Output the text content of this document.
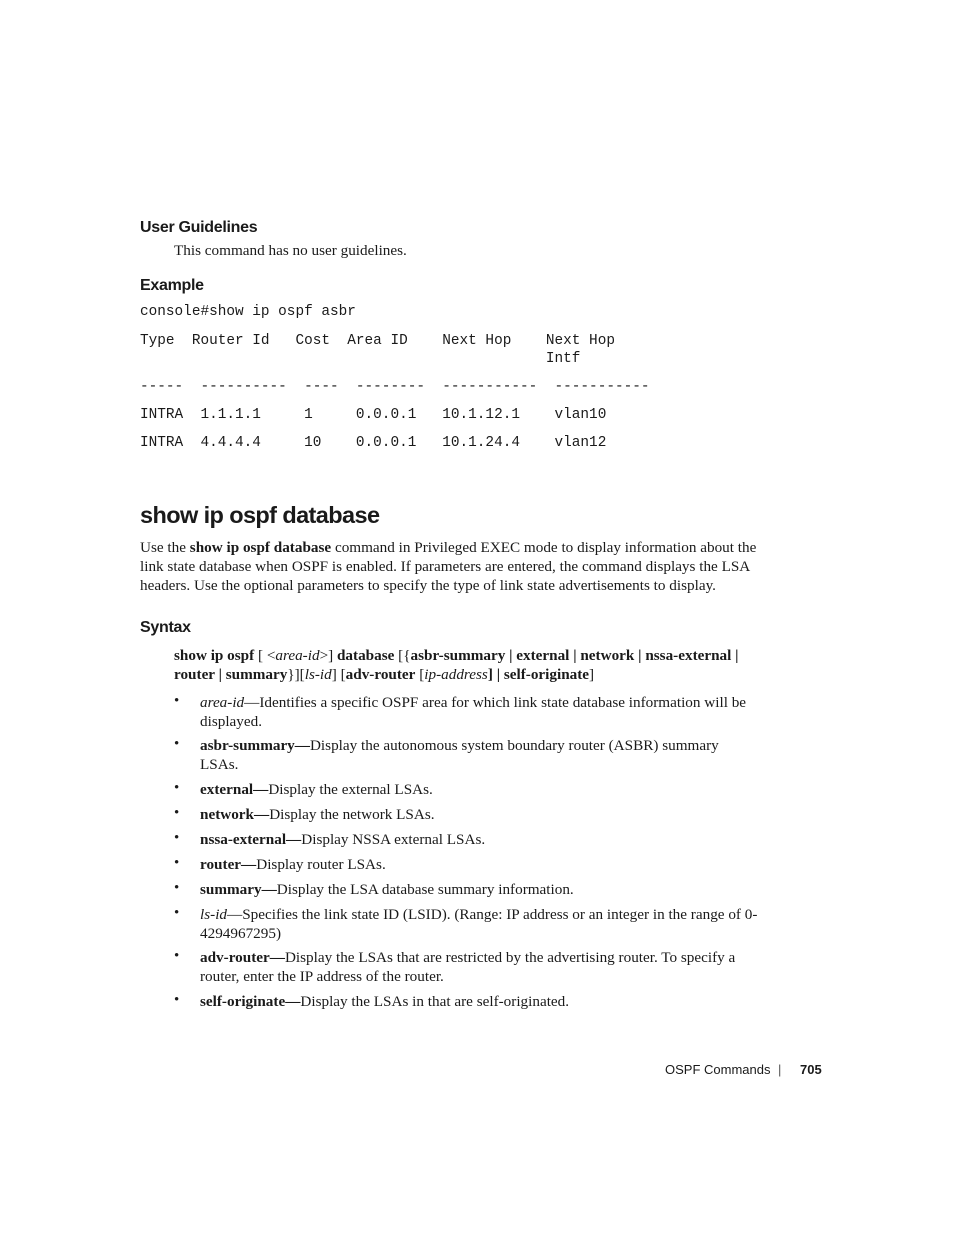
User Guidelines
This command has no user guidelines.
Example
console#show ip ospf asbr
Type  Router Id   Cost  Area ID    Next Hop    Next Hop
Intf
-----  ----------  ----  --------  -----------  -----------
INTRA  1.1.1.1     1     0.0.0.1   10.1.12.1    vlan10
INTRA  4.4.4.4     10    0.0.0.1   10.1.24.4    vlan12
show ip ospf database
Use the show ip ospf database command in Privileged EXEC mode to display information about the link state database when OSPF is enabled. If parameters are entered, the command displays the LSA headers. Use the optional parameters to specify the type of link state advertisements to display.
Syntax
show ip ospf [ <area-id>] database [{asbr-summary | external | network | nssa-external |
router | summary}][ls-id] [adv-router [ip-address] | self-originate]
• area-id—Identifies a specific OSPF area for which link state database information will be displayed.
• asbr-summary—Display the autonomous system boundary router (ASBR) summary LSAs.
• external—Display the external LSAs.
• network—Display the network LSAs.
• nssa-external—Display NSSA external LSAs.
• router—Display router LSAs.
• summary—Display the LSA database summary information.
• ls-id—Specifies the link state ID (LSID). (Range: IP address or an integer in the range of 0-4294967295)
• adv-router—Display the LSAs that are restricted by the advertising router. To specify a router, enter the IP address of the router.
• self-originate—Display the LSAs in that are self-originated.
OSPF Commands | 705
